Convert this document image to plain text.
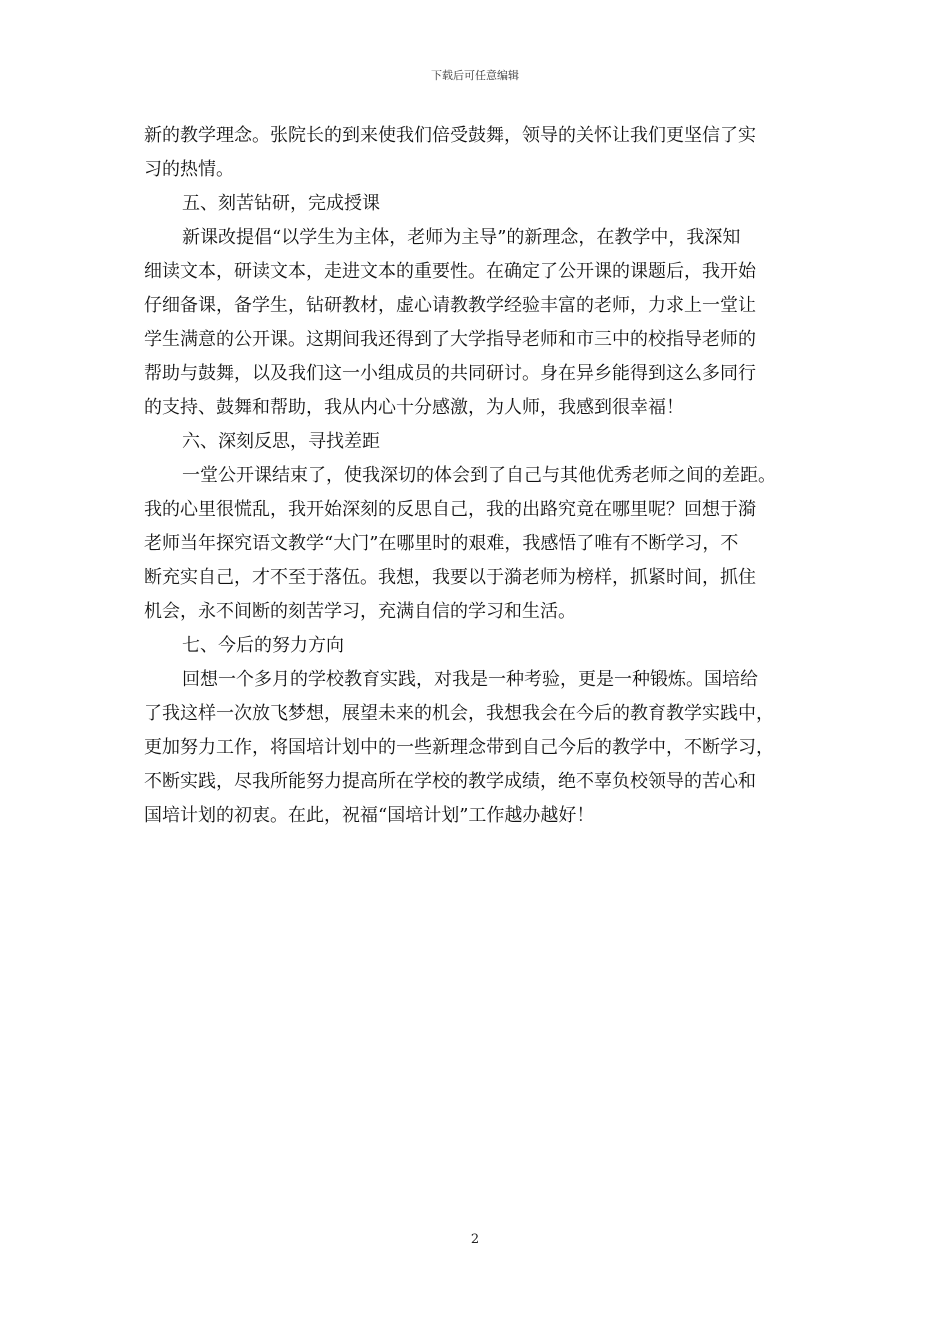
下载后可任意编辑
新的教学理念。张院长的到来使我们倍受鼓舞，领导的关怀让我们更坚信了实
习的热情。
五、刻苦钻研，完成授课
新课改提倡“以学生为主体，老师为主导”的新理念，在教学中，我深知
细读文本，研读文本，走进文本的重要性。在确定了公开课的课题后，我开始
仔细备课，备学生，钻研教材，虚心请教教学经验丰富的老师，力求上一堂让
学生满意的公开课。这期间我还得到了大学指导老师和市三中的校指导老师的
帮助与鼓舞，以及我们这一小组成员的共同研讨。身在异乡能得到这么多同行
的支持、鼓舞和帮助，我从内心十分感激，为人师，我感到很幸福！
六、深刻反思，寻找差距
一堂公开课结束了，使我深切的体会到了自己与其他优秀老师之间的差距。
我的心里很慌乱，我开始深刻的反思自己，我的出路究竟在哪里呢？回想于漪
老师当年探究语文教学“大门”在哪里时的艰难，我感悟了唯有不断学习，不
断充实自己，才不至于落伍。我想，我要以于漪老师为榜样，抓紧时间，抓住
机会，永不间断的刻苦学习，充满自信的学习和生活。
七、今后的努力方向
回想一个多月的学校教育实践，对我是一种考验，更是一种锻炼。国培给
了我这样一次放飞梦想，展望未来的机会，我想我会在今后的教育教学实践中，
更加努力工作，将国培计划中的一些新理念带到自己今后的教学中，不断学习，
不断实践，尽我所能努力提高所在学校的教学成绩，绝不辜负校领导的苦心和
国培计划的初衷。在此，祝福“国培计划”工作越办越好！
2
